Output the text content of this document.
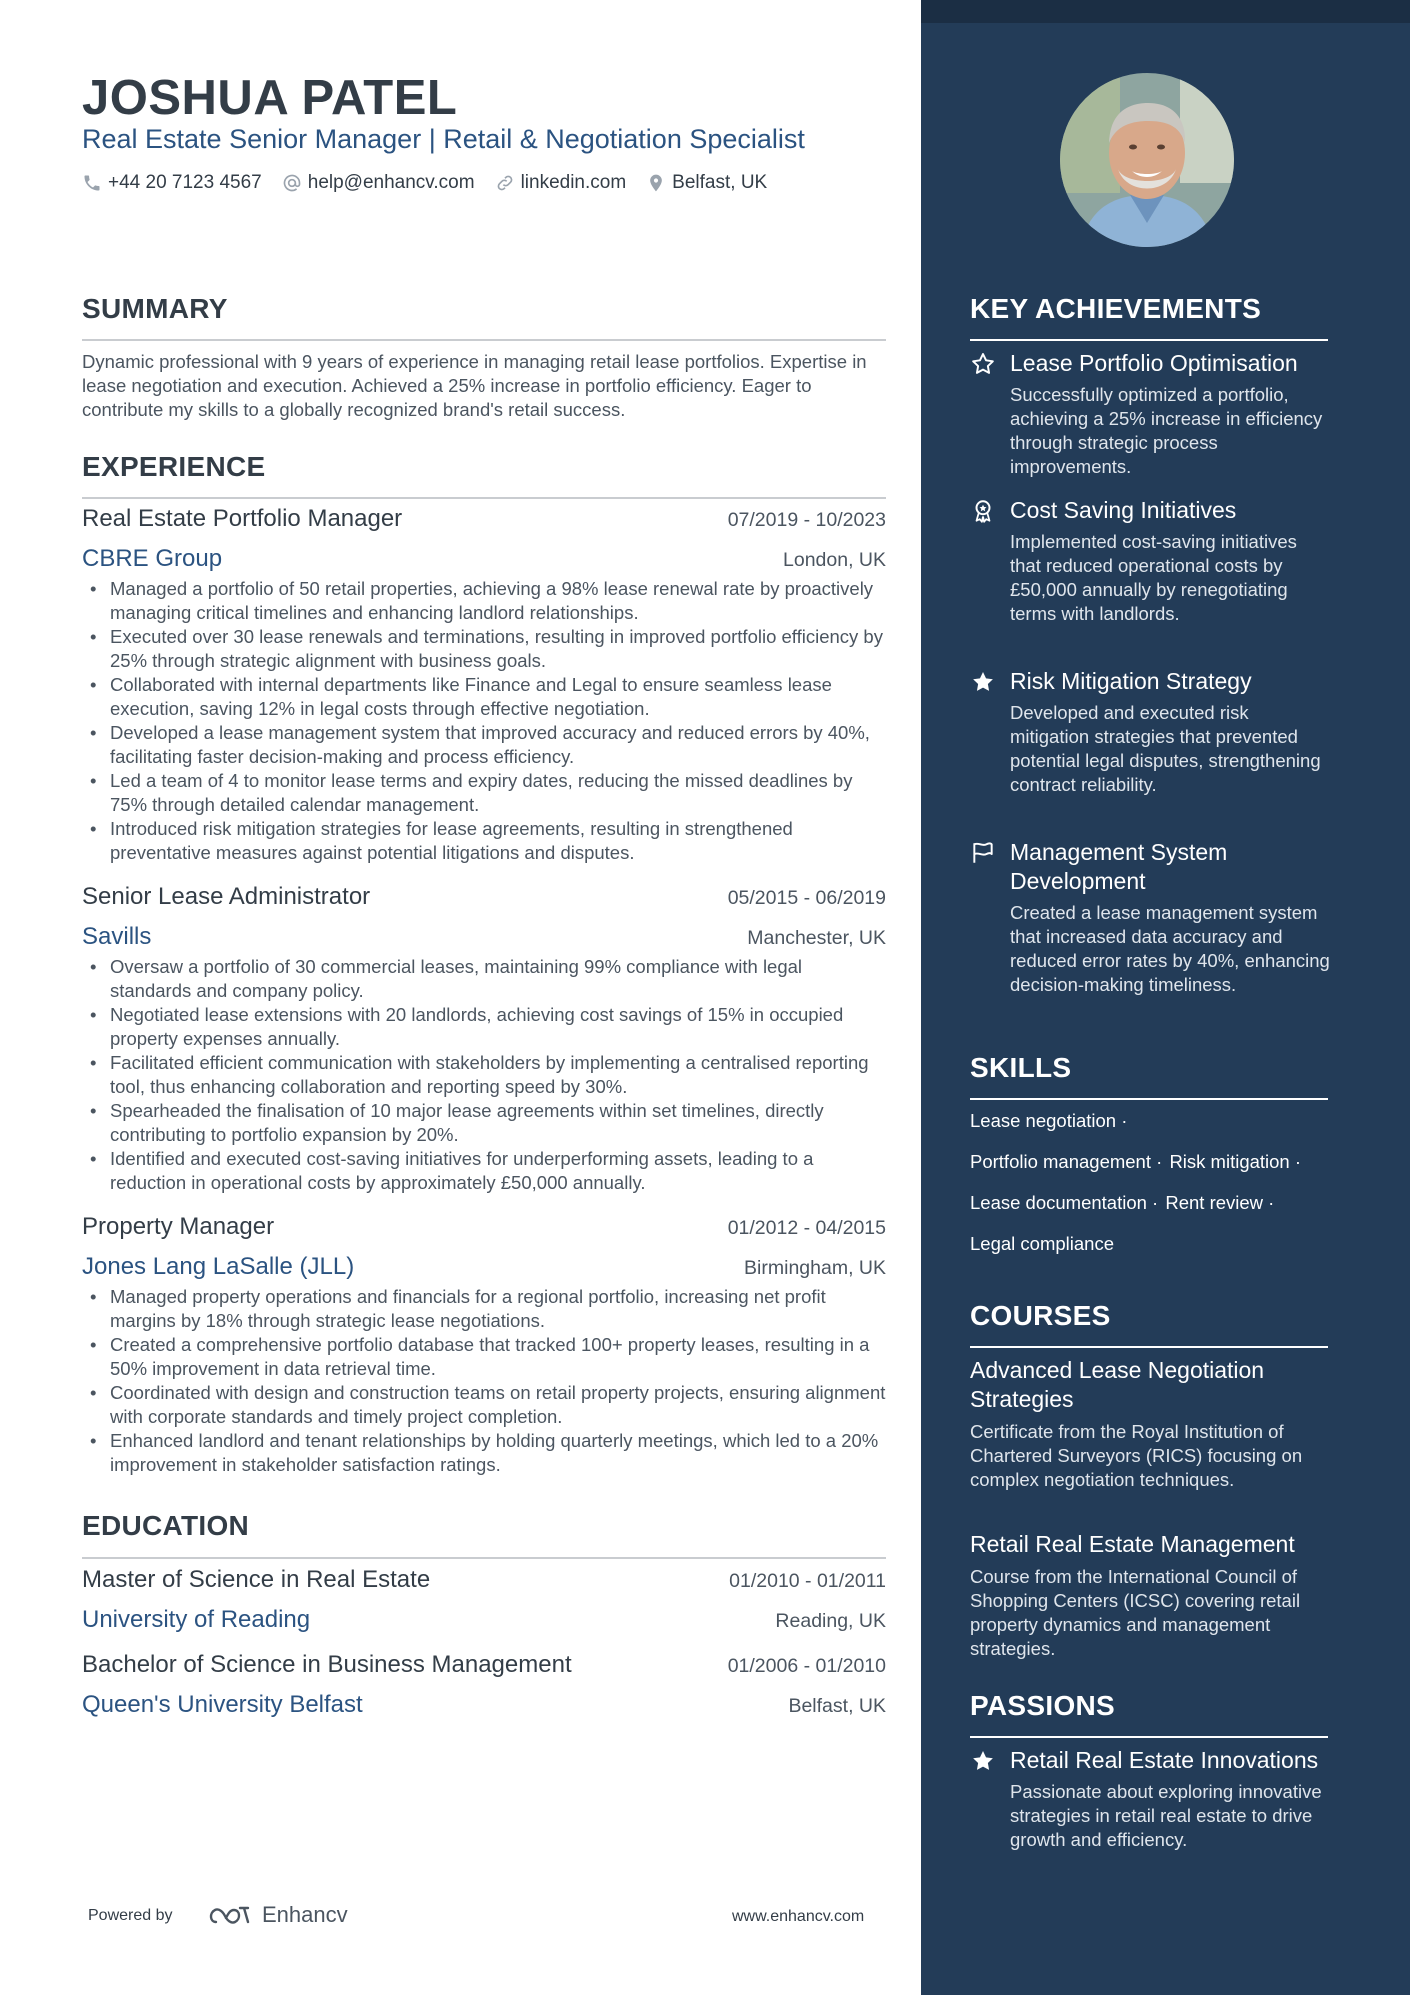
JOSHUA PATEL
Real Estate Senior Manager | Retail & Negotiation Specialist
+44 20 7123 4567 help@enhancv.com linkedin.com Belfast, UK
SUMMARY

Dynamic professional with 9 years of experience in managing retail lease portfolios. Expertise in lease negotiation and execution. Achieved a 25% increase in portfolio efficiency. Eager to contribute my skills to a globally recognized brand's retail success.

EXPERIENCE
Real Estate Portfolio Manager	07/2019 - 10/2023
CBRE Group	London, UK
• Managed a portfolio of 50 retail properties, achieving a 98% lease renewal rate by proactively managing critical timelines and enhancing landlord relationships.
• Executed over 30 lease renewals and terminations, resulting in improved portfolio efficiency by 25% through strategic alignment with business goals.
• Collaborated with internal departments like Finance and Legal to ensure seamless lease execution, saving 12% in legal costs through effective negotiation.
• Developed a lease management system that improved accuracy and reduced errors by 40%, facilitating faster decision-making and process efficiency.
• Led a team of 4 to monitor lease terms and expiry dates, reducing the missed deadlines by 75% through detailed calendar management.
• Introduced risk mitigation strategies for lease agreements, resulting in strengthened preventative measures against potential litigations and disputes.
Senior Lease Administrator	05/2015 - 06/2019
Savills	Manchester, UK
• Oversaw a portfolio of 30 commercial leases, maintaining 99% compliance with legal standards and company policy.
• Negotiated lease extensions with 20 landlords, achieving cost savings of 15% in occupied property expenses annually.
• Facilitated efficient communication with stakeholders by implementing a centralised reporting tool, thus enhancing collaboration and reporting speed by 30%.
• Spearheaded the finalisation of 10 major lease agreements within set timelines, directly contributing to portfolio expansion by 20%.
• Identified and executed cost-saving initiatives for underperforming assets, leading to a reduction in operational costs by approximately £50,000 annually.
Property Manager	01/2012 - 04/2015
Jones Lang LaSalle (JLL)	Birmingham, UK
• Managed property operations and financials for a regional portfolio, increasing net profit margins by 18% through strategic lease negotiations.
• Created a comprehensive portfolio database that tracked 100+ property leases, resulting in a 50% improvement in data retrieval time.
• Coordinated with design and construction teams on retail property projects, ensuring alignment with corporate standards and timely project completion.
• Enhanced landlord and tenant relationships by holding quarterly meetings, which led to a 20% improvement in stakeholder satisfaction ratings.
EDUCATION
Master of Science in Real Estate	01/2010 - 01/2011
University of Reading	Reading, UK
Bachelor of Science in Business Management	01/2006 - 01/2010
Queen's University Belfast	Belfast, UK
Powered by	Enhancv	www.enhancv.com
KEY ACHIEVEMENTS
Lease Portfolio Optimisation
Successfully optimized a portfolio, achieving a 25% increase in efficiency through strategic process improvements.
Cost Saving Initiatives
Implemented cost-saving initiatives that reduced operational costs by £50,000 annually by renegotiating terms with landlords.
Risk Mitigation Strategy
Developed and executed risk mitigation strategies that prevented potential legal disputes, strengthening contract reliability.
Management System Development
Created a lease management system that increased data accuracy and reduced error rates by 40%, enhancing decision-making timeliness.
SKILLS
Lease negotiation ·
Portfolio management · Risk mitigation ·
Lease documentation · Rent review ·
Legal compliance
COURSES
Advanced Lease Negotiation Strategies
Certificate from the Royal Institution of Chartered Surveyors (RICS) focusing on complex negotiation techniques.
Retail Real Estate Management
Course from the International Council of Shopping Centers (ICSC) covering retail property dynamics and management strategies.
PASSIONS
Retail Real Estate Innovations
Passionate about exploring innovative strategies in retail real estate to drive growth and efficiency.
